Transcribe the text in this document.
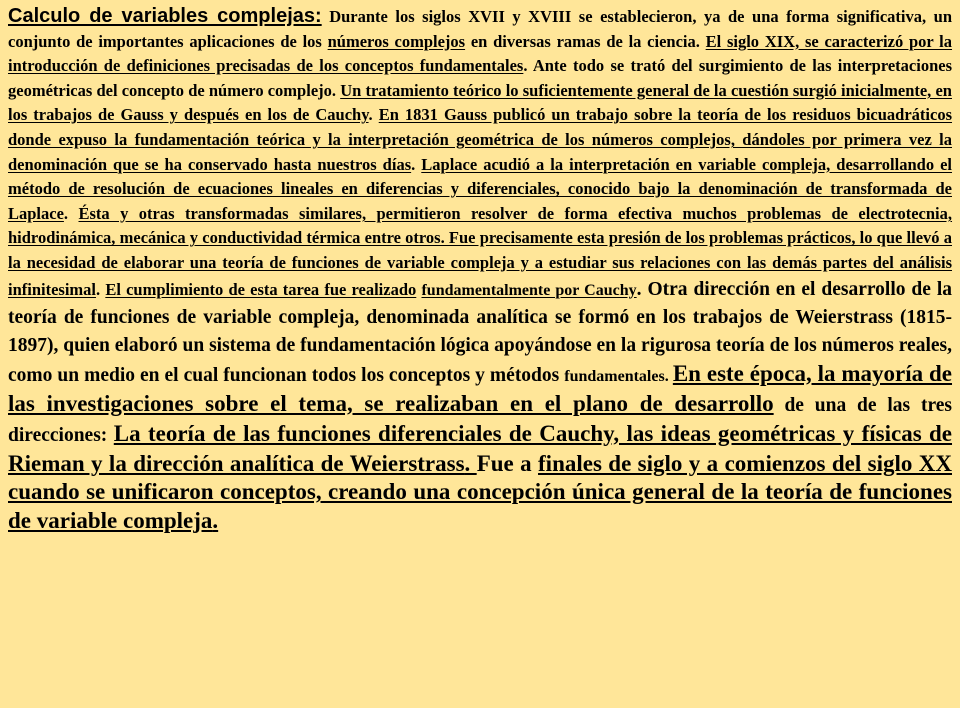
Calculo de variables complejas: Durante los siglos XVII y XVIII se establecieron, ya de una forma significativa, un conjunto de importantes aplicaciones de los números complejos en diversas ramas de la ciencia. El siglo XIX, se caracterizó por la introducción de definiciones precisadas de los conceptos fundamentales. Ante todo se trató del surgimiento de las interpretaciones geométricas del concepto de número complejo. Un tratamiento teórico lo suficientemente general de la cuestión surgió inicialmente, en los trabajos de Gauss y después en los de Cauchy. En 1831 Gauss publicó un trabajo sobre la teoría de los residuos bicuadráticos donde expuso la fundamentación teórica y la interpretación geométrica de los números complejos, dándoles por primera vez la denominación que se ha conservado hasta nuestros días. Laplace acudió a la interpretación en variable compleja, desarrollando el método de resolución de ecuaciones lineales en diferencias y diferenciales, conocido bajo la denominación de transformada de Laplace. Ésta y otras transformadas similares, permitieron resolver de forma efectiva muchos problemas de electrotecnia, hidrodinámica, mecánica y conductividad térmica entre otros. Fue precisamente esta presión de los problemas prácticos, lo que llevó a la necesidad de elaborar una teoría de funciones de variable compleja y a estudiar sus relaciones con las demás partes del análisis infinitesimal. El cumplimiento de esta tarea fue realizado fundamentalmente por Cauchy. Otra dirección en el desarrollo de la teoría de funciones de variable compleja, denominada analítica se formó en los trabajos de Weierstrass (1815-1897), quien elaboró un sistema de fundamentación lógica apoyándose en la rigurosa teoría de los números reales, como un medio en el cual funcionan todos los conceptos y métodos fundamentales. En este época, la mayoría de las investigaciones sobre el tema, se realizaban en el plano de desarrollo de una de las tres direcciones: La teoría de las funciones diferenciales de Cauchy, las ideas geométricas y físicas de Rieman y la dirección analítica de Weierstrass. Fue a finales de siglo y a comienzos del siglo XX cuando se unificaron conceptos, creando una concepción única general de la teoría de funciones de variable compleja.
